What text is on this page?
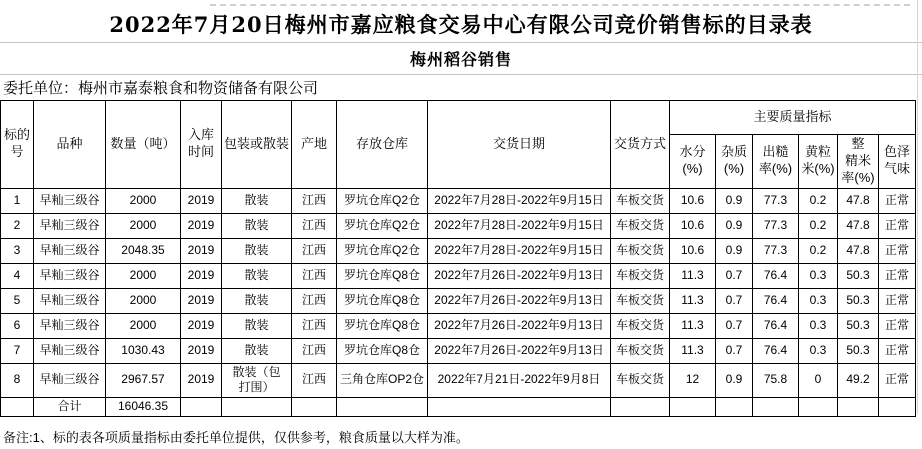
2022年7月20日梅州市嘉应粮食交易中心有限公司竞价销售标的目录表
梅州稻谷销售
委托单位：梅州市嘉泰粮食和物资储备有限公司
标的号	品种	数量（吨）	入库时间	包装或散装	产地	存放仓库	交货日期	交货方式	主要质量指标					
									水分(%)	杂质(%)	出糙率(%)	黄粒米(%)	整精米率(%)	色泽气味
1	早籼三级谷	2000	2019	散装	江西	罗坑仓库Q2仓	2022年7月28日-2022年9月15日	车板交货	10.6	0.9	77.3	0.2	47.8	正常
2	早籼三级谷	2000	2019	散装	江西	罗坑仓库Q2仓	2022年7月28日-2022年9月15日	车板交货	10.6	0.9	77.3	0.2	47.8	正常
3	早籼三级谷	2048.35	2019	散装	江西	罗坑仓库Q2仓	2022年7月28日-2022年9月15日	车板交货	10.6	0.9	77.3	0.2	47.8	正常
4	早籼三级谷	2000	2019	散装	江西	罗坑仓库Q8仓	2022年7月26日-2022年9月13日	车板交货	11.3	0.7	76.4	0.3	50.3	正常
5	早籼三级谷	2000	2019	散装	江西	罗坑仓库Q8仓	2022年7月26日-2022年9月13日	车板交货	11.3	0.7	76.4	0.3	50.3	正常
6	早籼三级谷	2000	2019	散装	江西	罗坑仓库Q8仓	2022年7月26日-2022年9月13日	车板交货	11.3	0.7	76.4	0.3	50.3	正常
7	早籼三级谷	1030.43	2019	散装	江西	罗坑仓库Q8仓	2022年7月26日-2022年9月13日	车板交货	11.3	0.7	76.4	0.3	50.3	正常
8	早籼三级谷	2967.57	2019	散装（包打围）	江西	三角仓库OP2仓	2022年7月21日-2022年9月8日	车板交货	12	0.9	75.8	0	49.2	正常
	合计	16046.35												
备注:1、标的表各项质量指标由委托单位提供，仅供参考，粮食质量以大样为准。
